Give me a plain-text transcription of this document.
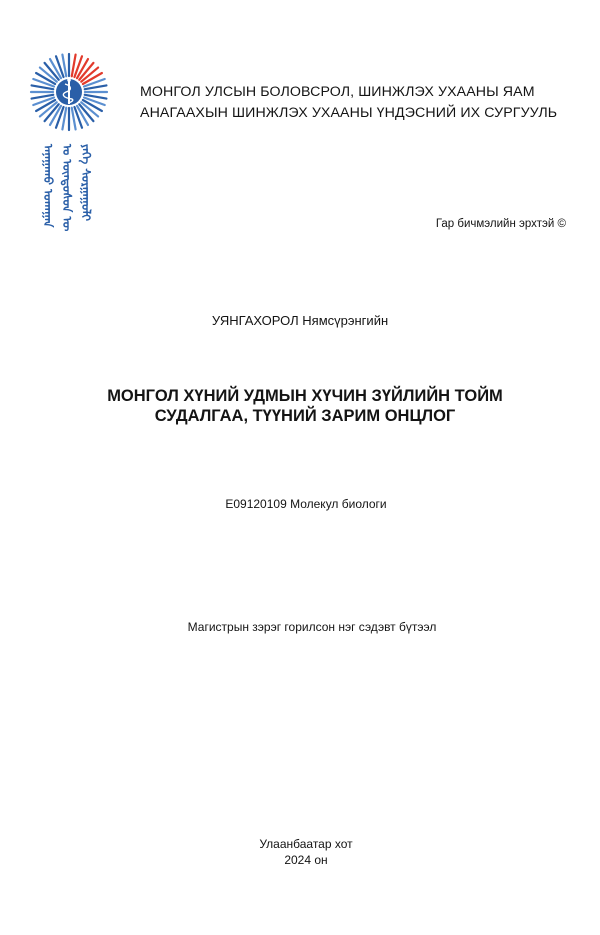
ᠠᠨᠠᠭᠠᠬᠤ ᠤᠬᠠᠭᠠᠨ ᠤ ᠦᠨᠳᠦᠰᠦᠨ ᠦ ᠶᠡᠬᠡ ᠰᠤᠷᠭᠠᠭᠤᠯᠢ
МОНГОЛ УЛСЫН БОЛОВСРОЛ, ШИНЖЛЭХ УХААНЫ ЯАМ
АНАГААХЫН ШИНЖЛЭХ УХААНЫ ҮНДЭСНИЙ ИХ СУРГУУЛЬ
Гар бичмэлийн эрхтэй ©
УЯНГАХОРОЛ Нямсүрэнгийн
МОНГОЛ ХҮНИЙ УДМЫН ХҮЧИН ЗҮЙЛИЙН ТОЙМ
СУДАЛГАА, ТҮҮНИЙ ЗАРИМ ОНЦЛОГ
E09120109 Молекул биологи
Магистрын зэрэг горилсон нэг сэдэвт бүтээл
Улаанбаатар хот
2024 он
